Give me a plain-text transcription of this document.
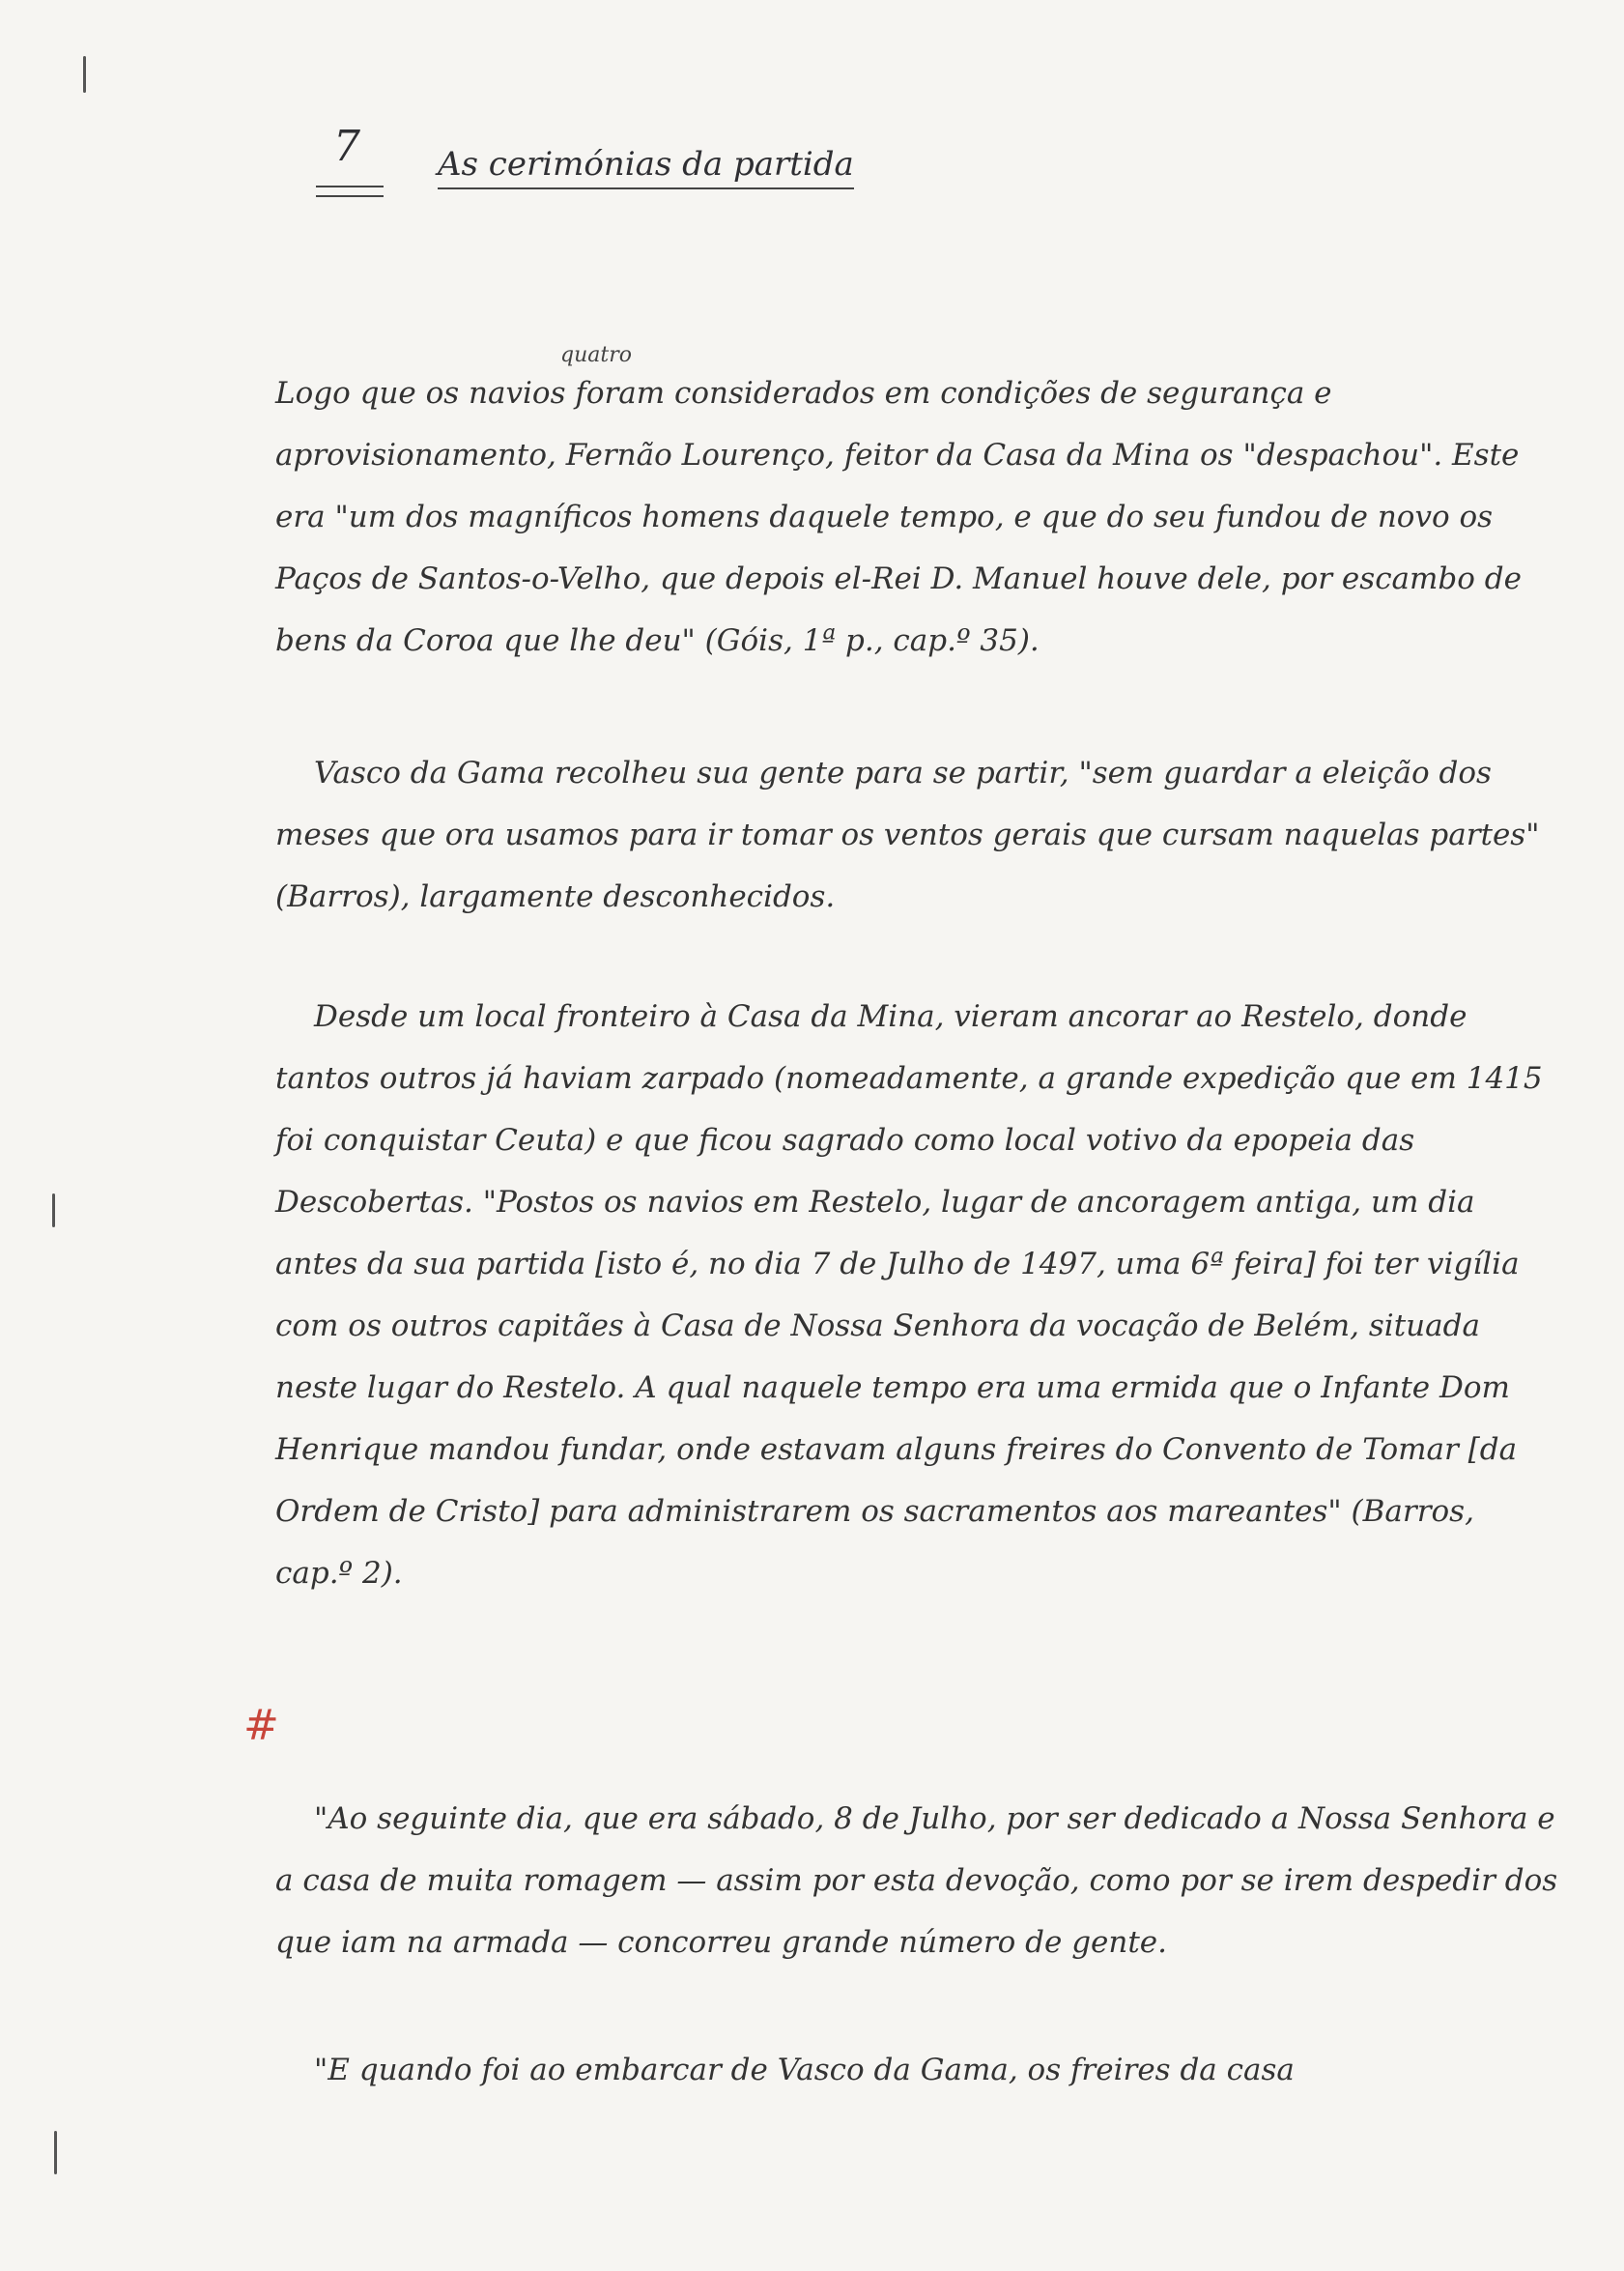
7 As cerimónias da partida
quatro

Logo que os navios foram considerados em condições de segurança e aprovisionamento, Fernão Lourenço, feitor da Casa da Mina os "despachou". Este era "um dos magníficos homens daquele tempo, e que do seu fundou de novo os Paços de Santos-o-Velho, que depois el-Rei D. Manuel houve dele, por escambo de bens da Coroa que lhe deu" (Góis, 1ª p., cap.º 35).

Vasco da Gama recolheu sua gente para se partir, "sem guardar a eleição dos meses que ora usamos para ir tomar os ventos gerais que cursam naquelas partes" (Barros), largamente desconhecidos.

Desde um local fronteiro à Casa da Mina, vieram ancorar ao Restelo, donde tantos outros já haviam zarpado (nomeadamente, a grande expedição que em 1415 foi conquistar Ceuta) e que ficou sagrado como local votivo da epopeia das Descobertas. "Postos os navios em Restelo, lugar de ancoragem antiga, um dia antes da sua partida [isto é, no dia 7 de Julho de 1497, uma 6ª feira] foi ter vigília com os outros capitães à Casa de Nossa Senhora da vocação de Belém, situada neste lugar do Restelo. A qual naquele tempo era uma ermida que o Infante Dom Henrique mandou fundar, onde estavam alguns freires do Convento de Tomar [da Ordem de Cristo] para administrarem os sacramentos aos mareantes" (Barros, cap.º 2).

#

"Ao seguinte dia, que era sábado, 8 de Julho, por ser dedicado a Nossa Senhora e a casa de muita romagem — assim por esta devoção, como por se irem despedir dos que iam na armada — concorreu grande número de gente.

"E quando foi ao embarcar de Vasco da Gama, os freires da casa
